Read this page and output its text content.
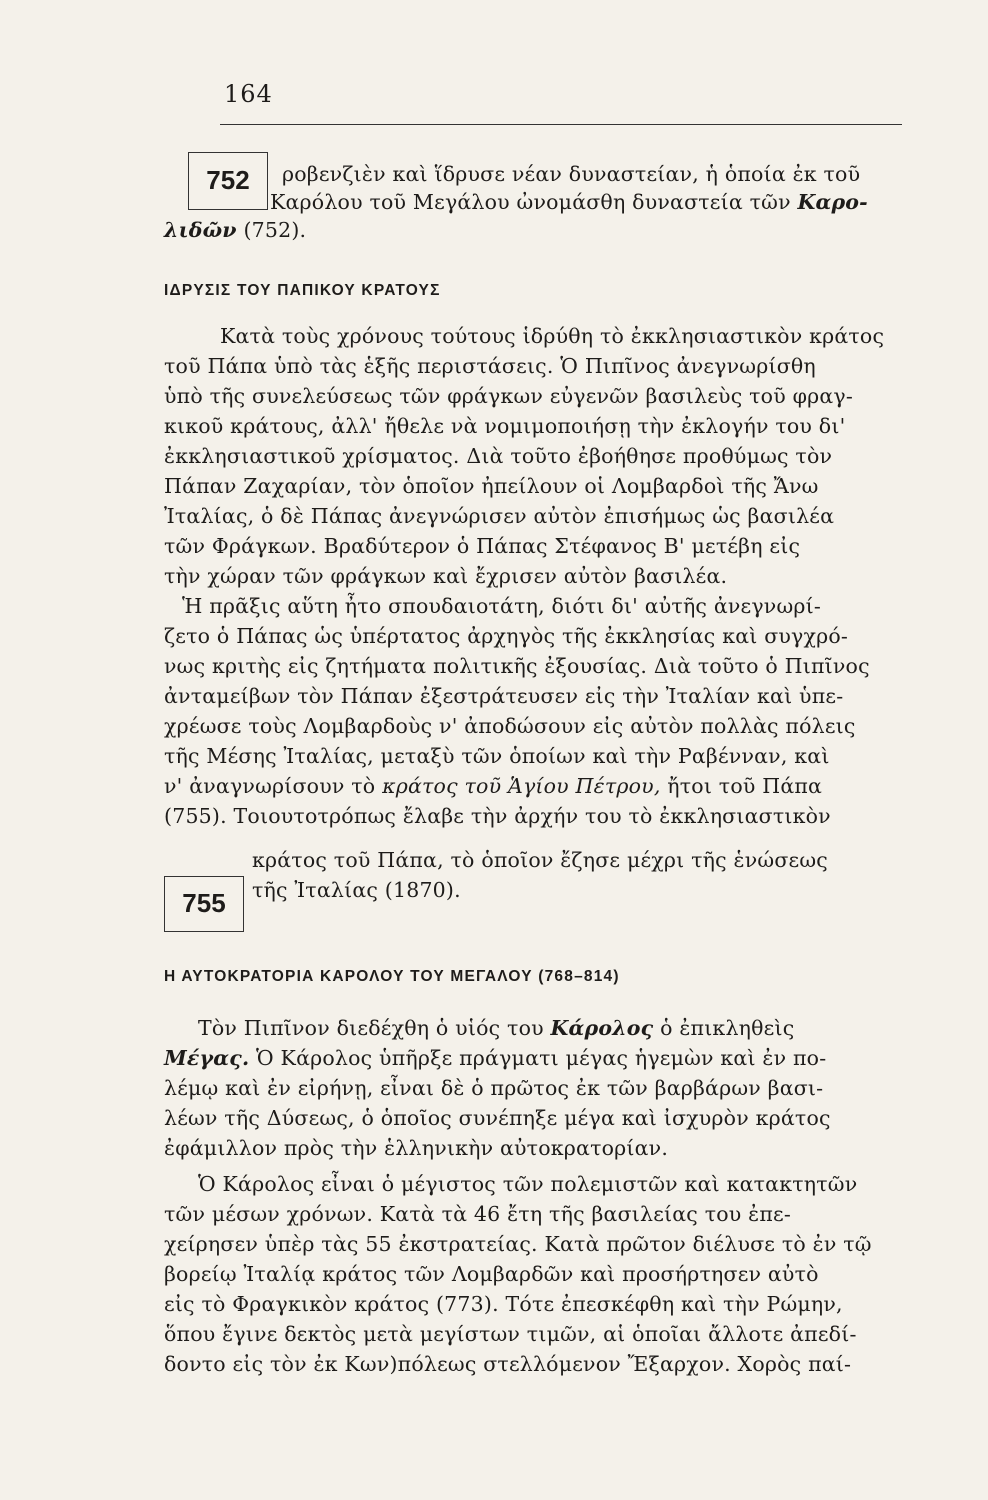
164
752	ροβενζιὲν καὶ ἵδρυσε νέαν δυναστείαν, ἡ ὁποία ἐκ τοῦ
Καρόλου τοῦ Μεγάλου ὠνομάσθη δυναστεία τῶν Καρο-
λιδῶν (752).
ΙΔΡΥΣΙΣ ΤΟΥ ΠΑΠΙΚΟΥ ΚΡΑΤΟΥΣ
Κατὰ τοὺς χρόνους τούτους ἱδρύθη τὸ ἐκκλησιαστικὸν κράτος
τοῦ Πάπα ὑπὸ τὰς ἑξῆς περιστάσεις. Ὁ Πιπῖνος ἀνεγνωρίσθη
ὑπὸ τῆς συνελεύσεως τῶν φράγκων εὐγενῶν βασιλεὺς τοῦ φραγ-
κικοῦ κράτους, ἀλλ' ἤθελε νὰ νομιμοποιήσῃ τὴν ἐκλογήν του δι'
ἐκκλησιαστικοῦ χρίσματος. Διὰ τοῦτο ἐβοήθησε προθύμως τὸν
Πάπαν Ζαχαρίαν, τὸν ὁποῖον ἠπείλουν οἱ Λομβαρδοὶ τῆς Ἄνω
Ἰταλίας, ὁ δὲ Πάπας ἀνεγνώρισεν αὐτὸν ἐπισήμως ὡς βασιλέα
τῶν Φράγκων. Βραδύτερον ὁ Πάπας Στέφανος Β' μετέβη εἰς
τὴν χώραν τῶν φράγκων καὶ ἔχρισεν αὐτὸν βασιλέα.
Ἡ πρᾶξις αὕτη ἦτο σπουδαιοτάτη, διότι δι' αὐτῆς ἀνεγνωρί-
ζετο ὁ Πάπας ὡς ὑπέρτατος ἀρχηγὸς τῆς ἐκκλησίας καὶ συγχρό-
νως κριτὴς εἰς ζητήματα πολιτικῆς ἐξουσίας. Διὰ τοῦτο ὁ Πιπῖνος
ἀνταμείβων τὸν Πάπαν ἐξεστράτευσεν εἰς τὴν Ἰταλίαν καὶ ὑπε-
χρέωσε τοὺς Λομβαρδοὺς ν' ἀποδώσουν εἰς αὐτὸν πολλὰς πόλεις
τῆς Μέσης Ἰταλίας, μεταξὺ τῶν ὁποίων καὶ τὴν Ραβένναν, καὶ
ν' ἀναγνωρίσουν τὸ κράτος τοῦ Ἁγίου Πέτρου, ἤτοι τοῦ Πάπα
(755). Τοιουτοτρόπως ἔλαβε τὴν ἀρχήν του τὸ ἐκκλησιαστικὸν
755
κράτος τοῦ Πάπα, τὸ ὁποῖον ἔζησε μέχρι τῆς ἑνώσεως
τῆς Ἰταλίας (1870).
Η ΑΥΤΟΚΡΑΤΟΡΙΑ ΚΑΡΟΛΟΥ ΤΟΥ ΜΕΓΑΛΟΥ (768–814)
Τὸν Πιπῖνον διεδέχθη ὁ υἱός του Κάρολος ὁ ἐπικληθεὶς
Μέγας. Ὁ Κάρολος ὑπῆρξε πράγματι μέγας ἡγεμὼν καὶ ἐν πο-
λέμῳ καὶ ἐν εἰρήνῃ, εἶναι δὲ ὁ πρῶτος ἐκ τῶν βαρβάρων βασι-
λέων τῆς Δύσεως, ὁ ὁποῖος συνέπηξε μέγα καὶ ἰσχυρὸν κράτος
ἐφάμιλλον πρὸς τὴν ἑλληνικὴν αὐτοκρατορίαν.
Ὁ Κάρολος εἶναι ὁ μέγιστος τῶν πολεμιστῶν καὶ κατακτητῶν
τῶν μέσων χρόνων. Κατὰ τὰ 46 ἔτη τῆς βασιλείας του ἐπε-
χείρησεν ὑπὲρ τὰς 55 ἐκστρατείας. Κατὰ πρῶτον διέλυσε τὸ ἐν τῷ
βορείῳ Ἰταλίᾳ κράτος τῶν Λομβαρδῶν καὶ προσήρτησεν αὐτὸ
εἰς τὸ Φραγκικὸν κράτος (773). Τότε ἐπεσκέφθη καὶ τὴν Ρώμην,
ὅπου ἔγινε δεκτὸς μετὰ μεγίστων τιμῶν, αἱ ὁποῖαι ἄλλοτε ἀπεδί-
δοντο εἰς τὸν ἐκ Κων)πόλεως στελλόμενον Ἔξαρχον. Χορὸς παί-
